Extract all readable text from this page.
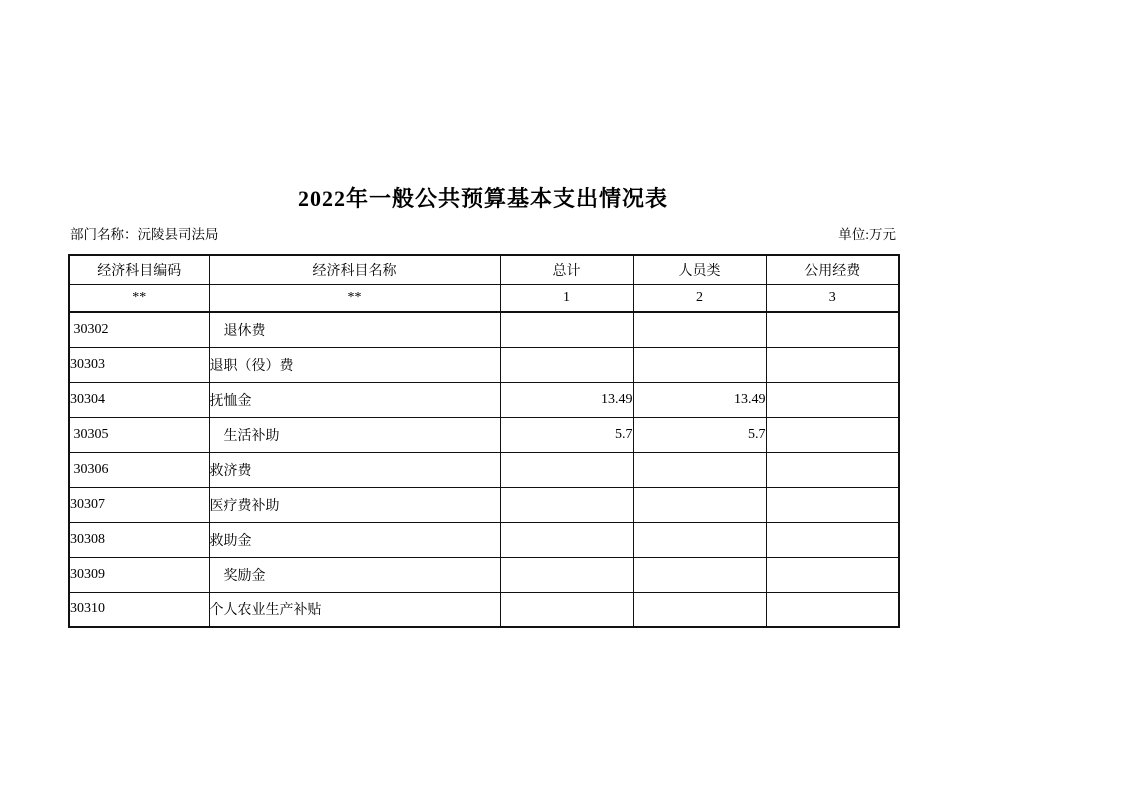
2022年一般公共预算基本支出情况表
部门名称：沅陵县司法局	单位:万元
经济科目编码	经济科目名称	总计	人员类	公用经费
**	**	1	2	3
30302	　退休费			
30303	退职（役）费			
30304	抚恤金	13.49	13.49	
30305	　生活补助	5.7	5.7	
30306	救济费			
30307	医疗费补助			
30308	救助金			
30309	　奖励金			
30310	个人农业生产补贴			
